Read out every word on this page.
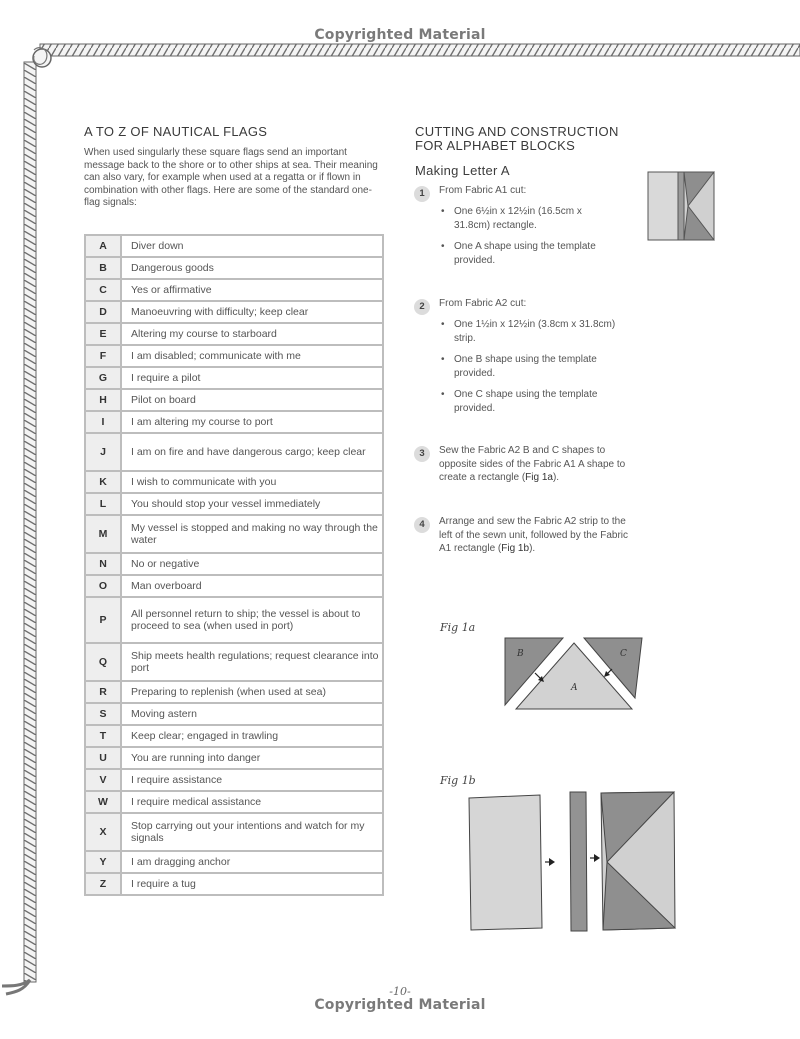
Copyrighted Material
A TO Z OF NAUTICAL FLAGS

When used singularly these square flags send an important message back to the shore or to other ships at sea. Their meaning can also vary, for example when used at a regatta or if flown in combination with other flags. Here are some of the standard one-flag signals:

A	Diver down
B	Dangerous goods
C	Yes or affirmative
D	Manoeuvring with difficulty; keep clear
E	Altering my course to starboard
F	I am disabled; communicate with me
G	I require a pilot
H	Pilot on board
I	I am altering my course to port
J	I am on fire and have dangerous cargo; keep clear
K	I wish to communicate with you
L	You should stop your vessel immediately
M	My vessel is stopped and making no way through the water
N	No or negative
O	Man overboard
P	All personnel return to ship; the vessel is about to proceed to sea (when used in port)
Q	Ship meets health regulations; request clearance into port
R	Preparing to replenish (when used at sea)
S	Moving astern
T	Keep clear; engaged in trawling
U	You are running into danger
V	I require assistance
W	I require medical assistance
X	Stop carrying out your intentions and watch for my signals
Y	I am dragging anchor
Z	I require a tug
CUTTING AND CONSTRUCTION
FOR ALPHABET BLOCKS
Making Letter A
1	From Fabric A1 cut:
• One 6½in x 12½in (16.5cm x 31.8cm) rectangle.
• One A shape using the template provided.
2	From Fabric A2 cut:
• One 1½in x 12½in (3.8cm x 31.8cm) strip.
• One B shape using the template provided.
• One C shape using the template provided.
3	Sew the Fabric A2 B and C shapes to opposite sides of the Fabric A1 A shape to create a rectangle (Fig 1a).
4	Arrange and sew the Fabric A2 strip to the left of the sewn unit, followed by the Fabric A1 rectangle (Fig 1b).
Fig 1a
B
A
C
Fig 1b
-10-
Copyrighted Material
